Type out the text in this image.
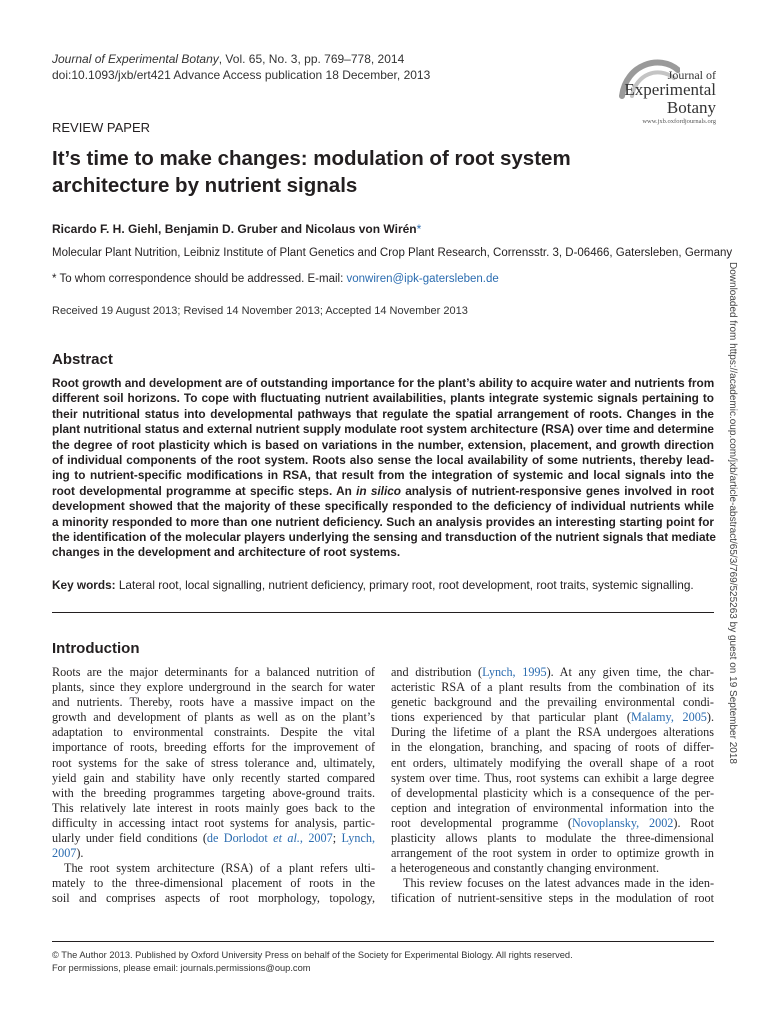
Journal of Experimental Botany, Vol. 65, No. 3, pp. 769–778, 2014
doi:10.1093/jxb/ert421 Advance Access publication 18 December, 2013	Journal of
Experimental
Botany
www.jxb.oxfordjournals.org
REVIEW PAPER
It’s time to make changes: modulation of root system
architecture by nutrient signals
Ricardo F. H. Giehl, Benjamin D. Gruber and Nicolaus von Wirén*
Molecular Plant Nutrition, Leibniz Institute of Plant Genetics and Crop Plant Research, Corrensstr. 3, D-06466, Gatersleben, Germany
* To whom correspondence should be addressed. E-mail: vonwiren@ipk-gatersleben.de
Received 19 August 2013; Revised 14 November 2013; Accepted 14 November 2013
Abstract
Root growth and development are of outstanding importance for the plant’s ability to acquire water and nutrients from
different soil horizons. To cope with fluctuating nutrient availabilities, plants integrate systemic signals pertaining to
their nutritional status into developmental pathways that regulate the spatial arrangement of roots. Changes in the
plant nutritional status and external nutrient supply modulate root system architecture (RSA) over time and determine
the degree of root plasticity which is based on variations in the number, extension, placement, and growth direction
of individual components of the root system. Roots also sense the local availability of some nutrients, thereby lead-
ing to nutrient-specific modifications in RSA, that result from the integration of systemic and local signals into the
root developmental programme at specific steps. An in silico analysis of nutrient-responsive genes involved in root
development showed that the majority of these specifically responded to the deficiency of individual nutrients while
a minority responded to more than one nutrient deficiency. Such an analysis provides an interesting starting point for
the identification of the molecular players underlying the sensing and transduction of the nutrient signals that mediate
changes in the development and architecture of root systems.
Key words: Lateral root, local signalling, nutrient deficiency, primary root, root development, root traits, systemic signalling.
Introduction
Roots are the major determinants for a balanced nutrition of
plants, since they explore underground in the search for water
and nutrients. Thereby, roots have a massive impact on the
growth and development of plants as well as on the plant’s
adaptation to environmental constraints. Despite the vital
importance of roots, breeding efforts for the improvement of
root systems for the sake of stress tolerance and, ultimately,
yield gain and stability have only recently started compared
with the breeding programmes targeting above-ground traits.
This relatively late interest in roots mainly goes back to the
difficulty in accessing intact root systems for analysis, partic-
ularly under field conditions (de Dorlodot et al., 2007; Lynch,
2007).
The root system architecture (RSA) of a plant refers ulti-
mately to the three-dimensional placement of roots in the
soil and comprises aspects of root morphology, topology,
and distribution (Lynch, 1995). At any given time, the char-
acteristic RSA of a plant results from the combination of its
genetic background and the prevailing environmental condi-
tions experienced by that particular plant (Malamy, 2005).
During the lifetime of a plant the RSA undergoes alterations
in the elongation, branching, and spacing of roots of differ-
ent orders, ultimately modifying the overall shape of a root
system over time. Thus, root systems can exhibit a large degree
of developmental plasticity which is a consequence of the per-
ception and integration of environmental information into the
root developmental programme (Novoplansky, 2002). Root
plasticity allows plants to modulate the three-dimensional
arrangement of the root system in order to optimize growth in
a heterogeneous and constantly changing environment.
This review focuses on the latest advances made in the iden-
tification of nutrient-sensitive steps in the modulation of root
© The Author 2013. Published by Oxford University Press on behalf of the Society for Experimental Biology. All rights reserved.
For permissions, please email: journals.permissions@oup.com
Downloaded from https://academic.oup.com/jxb/article-abstract/65/3/769/525263 by guest on 19 September 2018
